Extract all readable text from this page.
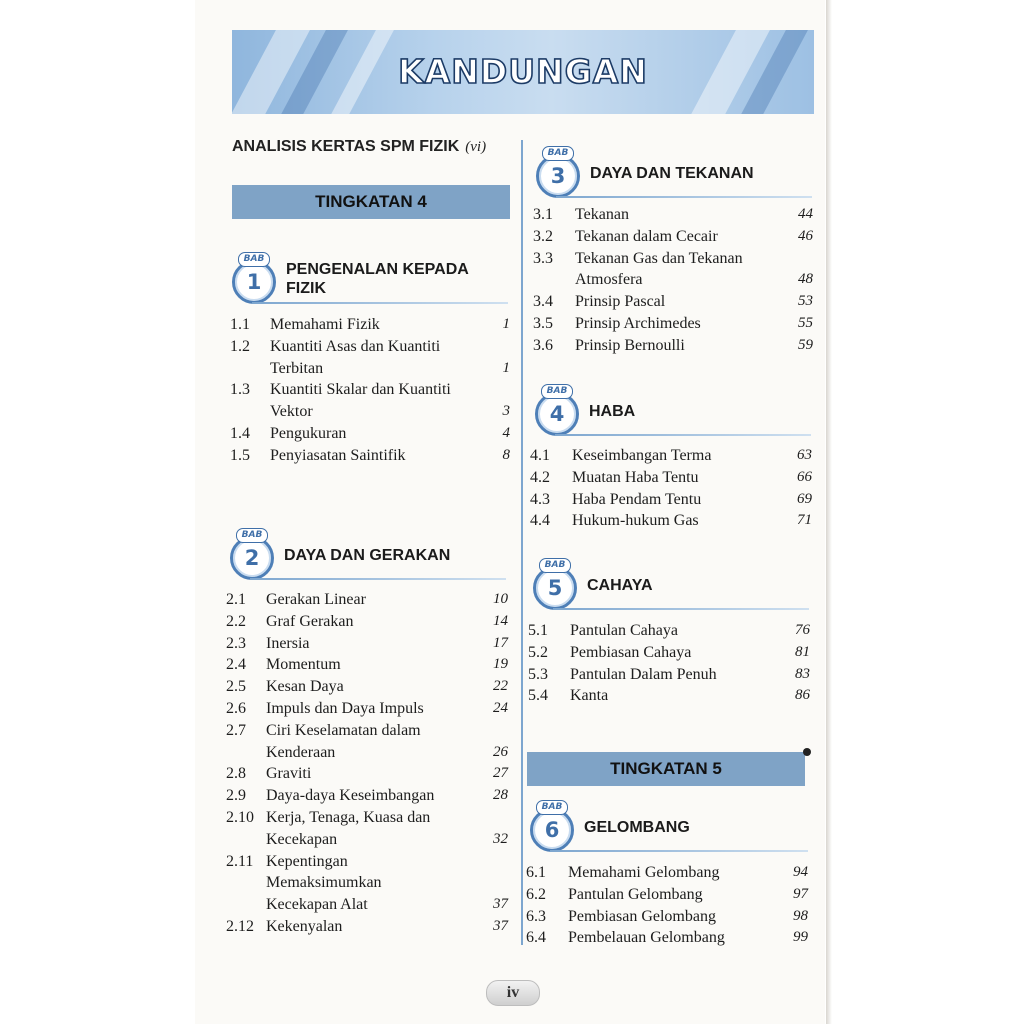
KANDUNGAN
ANALISIS KERTAS SPM FIZIK (vi)
TINGKATAN 4
TINGKATAN 5
1
BAB
PENGENALAN KEPADA
FIZIK
1.1 Memahami Fizik	1
1.2 Kuantiti Asas dan Kuantiti
Terbitan	1
1.3 Kuantiti Skalar dan Kuantiti
Vektor	3
1.4 Pengukuran	4
1.5 Penyiasatan Saintifik	8
2
BAB
DAYA DAN GERAKAN
2.1 Gerakan Linear	10
2.2 Graf Gerakan	14
2.3 Inersia	17
2.4 Momentum	19
2.5 Kesan Daya	22
2.6 Impuls dan Daya Impuls	24
2.7 Ciri Keselamatan dalam
Kenderaan	26
2.8 Graviti	27
2.9 Daya-daya Keseimbangan	28
2.10 Kerja, Tenaga, Kuasa dan
Kecekapan	32
2.11 Kepentingan
Memaksimumkan
Kecekapan Alat	37
2.12 Kekenyalan	37
3
BAB
DAYA DAN TEKANAN
3.1 Tekanan	44
3.2 Tekanan dalam Cecair	46
3.3 Tekanan Gas dan Tekanan
Atmosfera	48
3.4 Prinsip Pascal	53
3.5 Prinsip Archimedes	55
3.6 Prinsip Bernoulli	59
4
BAB
HABA
4.1 Keseimbangan Terma	63
4.2 Muatan Haba Tentu	66
4.3 Haba Pendam Tentu	69
4.4 Hukum-hukum Gas	71
5
BAB
CAHAYA
5.1 Pantulan Cahaya	76
5.2 Pembiasan Cahaya	81
5.3 Pantulan Dalam Penuh	83
5.4 Kanta	86
6
BAB
GELOMBANG
6.1 Memahami Gelombang	94
6.2 Pantulan Gelombang	97
6.3 Pembiasan Gelombang	98
6.4 Pembelauan Gelombang	99
iv
